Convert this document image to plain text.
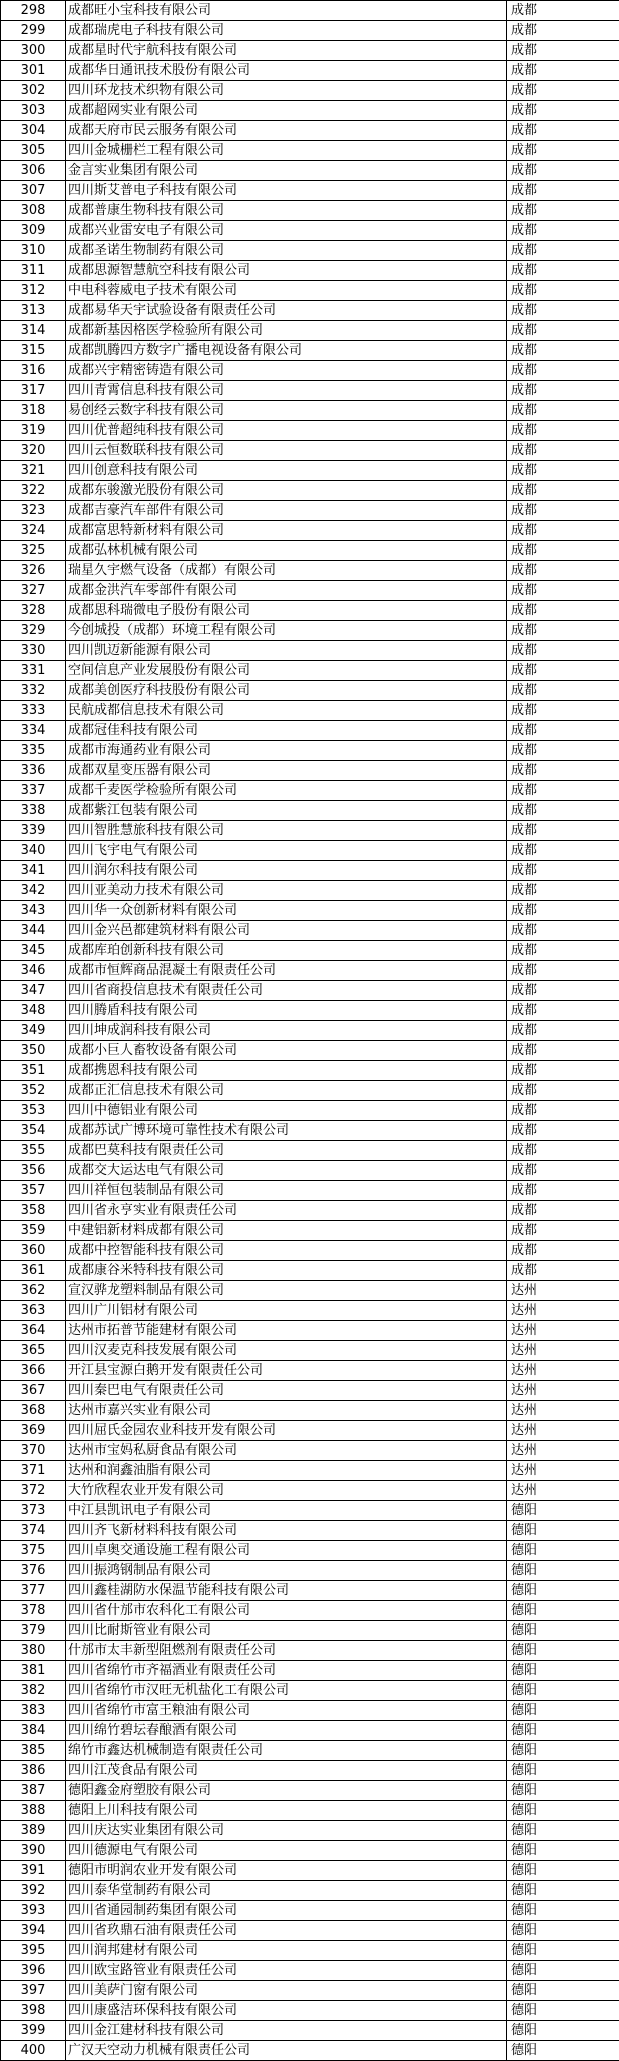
298	成都旺小宝科技有限公司	成都
299	成都瑞虎电子科技有限公司	成都
300	成都星时代宇航科技有限公司	成都
301	成都华日通讯技术股份有限公司	成都
302	四川环龙技术织物有限公司	成都
303	成都超网实业有限公司	成都
304	成都天府市民云服务有限公司	成都
305	四川金城栅栏工程有限公司	成都
306	金言实业集团有限公司	成都
307	四川斯艾普电子科技有限公司	成都
308	成都普康生物科技有限公司	成都
309	成都兴业雷安电子有限公司	成都
310	成都圣诺生物制药有限公司	成都
311	成都思源智慧航空科技有限公司	成都
312	中电科蓉威电子技术有限公司	成都
313	成都易华天宇试验设备有限责任公司	成都
314	成都新基因格医学检验所有限公司	成都
315	成都凯腾四方数字广播电视设备有限公司	成都
316	成都兴宇精密铸造有限公司	成都
317	四川青霄信息科技有限公司	成都
318	易创经云数字科技有限公司	成都
319	四川优普超纯科技有限公司	成都
320	四川云恒数联科技有限公司	成都
321	四川创意科技有限公司	成都
322	成都东骏激光股份有限公司	成都
323	成都吉豪汽车部件有限公司	成都
324	成都富思特新材料有限公司	成都
325	成都弘林机械有限公司	成都
326	瑞星久宇燃气设备（成都）有限公司	成都
327	成都金洪汽车零部件有限公司	成都
328	成都思科瑞微电子股份有限公司	成都
329	今创城投（成都）环境工程有限公司	成都
330	四川凯迈新能源有限公司	成都
331	空间信息产业发展股份有限公司	成都
332	成都美创医疗科技股份有限公司	成都
333	民航成都信息技术有限公司	成都
334	成都冠佳科技有限公司	成都
335	成都市海通药业有限公司	成都
336	成都双星变压器有限公司	成都
337	成都千麦医学检验所有限公司	成都
338	成都紫江包装有限公司	成都
339	四川智胜慧旅科技有限公司	成都
340	四川飞宇电气有限公司	成都
341	四川润尔科技有限公司	成都
342	四川亚美动力技术有限公司	成都
343	四川华一众创新材料有限公司	成都
344	四川金兴邑都建筑材料有限公司	成都
345	成都库珀创新科技有限公司	成都
346	成都市恒辉商品混凝土有限责任公司	成都
347	四川省商投信息技术有限责任公司	成都
348	四川腾盾科技有限公司	成都
349	四川坤成润科技有限公司	成都
350	成都小巨人畜牧设备有限公司	成都
351	成都携恩科技有限公司	成都
352	成都正汇信息技术有限公司	成都
353	四川中德铝业有限公司	成都
354	成都苏试广博环境可靠性技术有限公司	成都
355	成都巴莫科技有限责任公司	成都
356	成都交大运达电气有限公司	成都
357	四川祥恒包装制品有限公司	成都
358	四川省永亨实业有限责任公司	成都
359	中建铝新材料成都有限公司	成都
360	成都中控智能科技有限公司	成都
361	成都康谷米特科技有限公司	成都
362	宣汉骅龙塑料制品有限公司	达州
363	四川广川铝材有限公司	达州
364	达州市拓普节能建材有限公司	达州
365	四川汉麦克科技发展有限公司	达州
366	开江县宝源白鹅开发有限责任公司	达州
367	四川秦巴电气有限责任公司	达州
368	达州市嘉兴实业有限公司	达州
369	四川屈氏金园农业科技开发有限公司	达州
370	达州市宝妈私厨食品有限公司	达州
371	达州和润鑫油脂有限公司	达州
372	大竹欣程农业开发有限公司	达州
373	中江县凯讯电子有限公司	德阳
374	四川齐飞新材料科技有限公司	德阳
375	四川卓奥交通设施工程有限公司	德阳
376	四川振鸿钢制品有限公司	德阳
377	四川鑫桂湖防水保温节能科技有限公司	德阳
378	四川省什邡市农科化工有限公司	德阳
379	四川比耐斯管业有限公司	德阳
380	什邡市太丰新型阻燃剂有限责任公司	德阳
381	四川省绵竹市齐福酒业有限责任公司	德阳
382	四川省绵竹市汉旺无机盐化工有限公司	德阳
383	四川省绵竹市富王粮油有限公司	德阳
384	四川绵竹碧坛春酿酒有限公司	德阳
385	绵竹市鑫达机械制造有限责任公司	德阳
386	四川江茂食品有限公司	德阳
387	德阳鑫金府塑胶有限公司	德阳
388	德阳上川科技有限公司	德阳
389	四川庆达实业集团有限公司	德阳
390	四川德源电气有限公司	德阳
391	德阳市明润农业开发有限公司	德阳
392	四川泰华堂制药有限公司	德阳
393	四川省通园制药集团有限公司	德阳
394	四川省玖鼎石油有限责任公司	德阳
395	四川润邦建材有限公司	德阳
396	四川欧宝路管业有限责任公司	德阳
397	四川美萨门窗有限公司	德阳
398	四川康盛洁环保科技有限公司	德阳
399	四川金江建材科技有限公司	德阳
400	广汉天空动力机械有限责任公司	德阳
